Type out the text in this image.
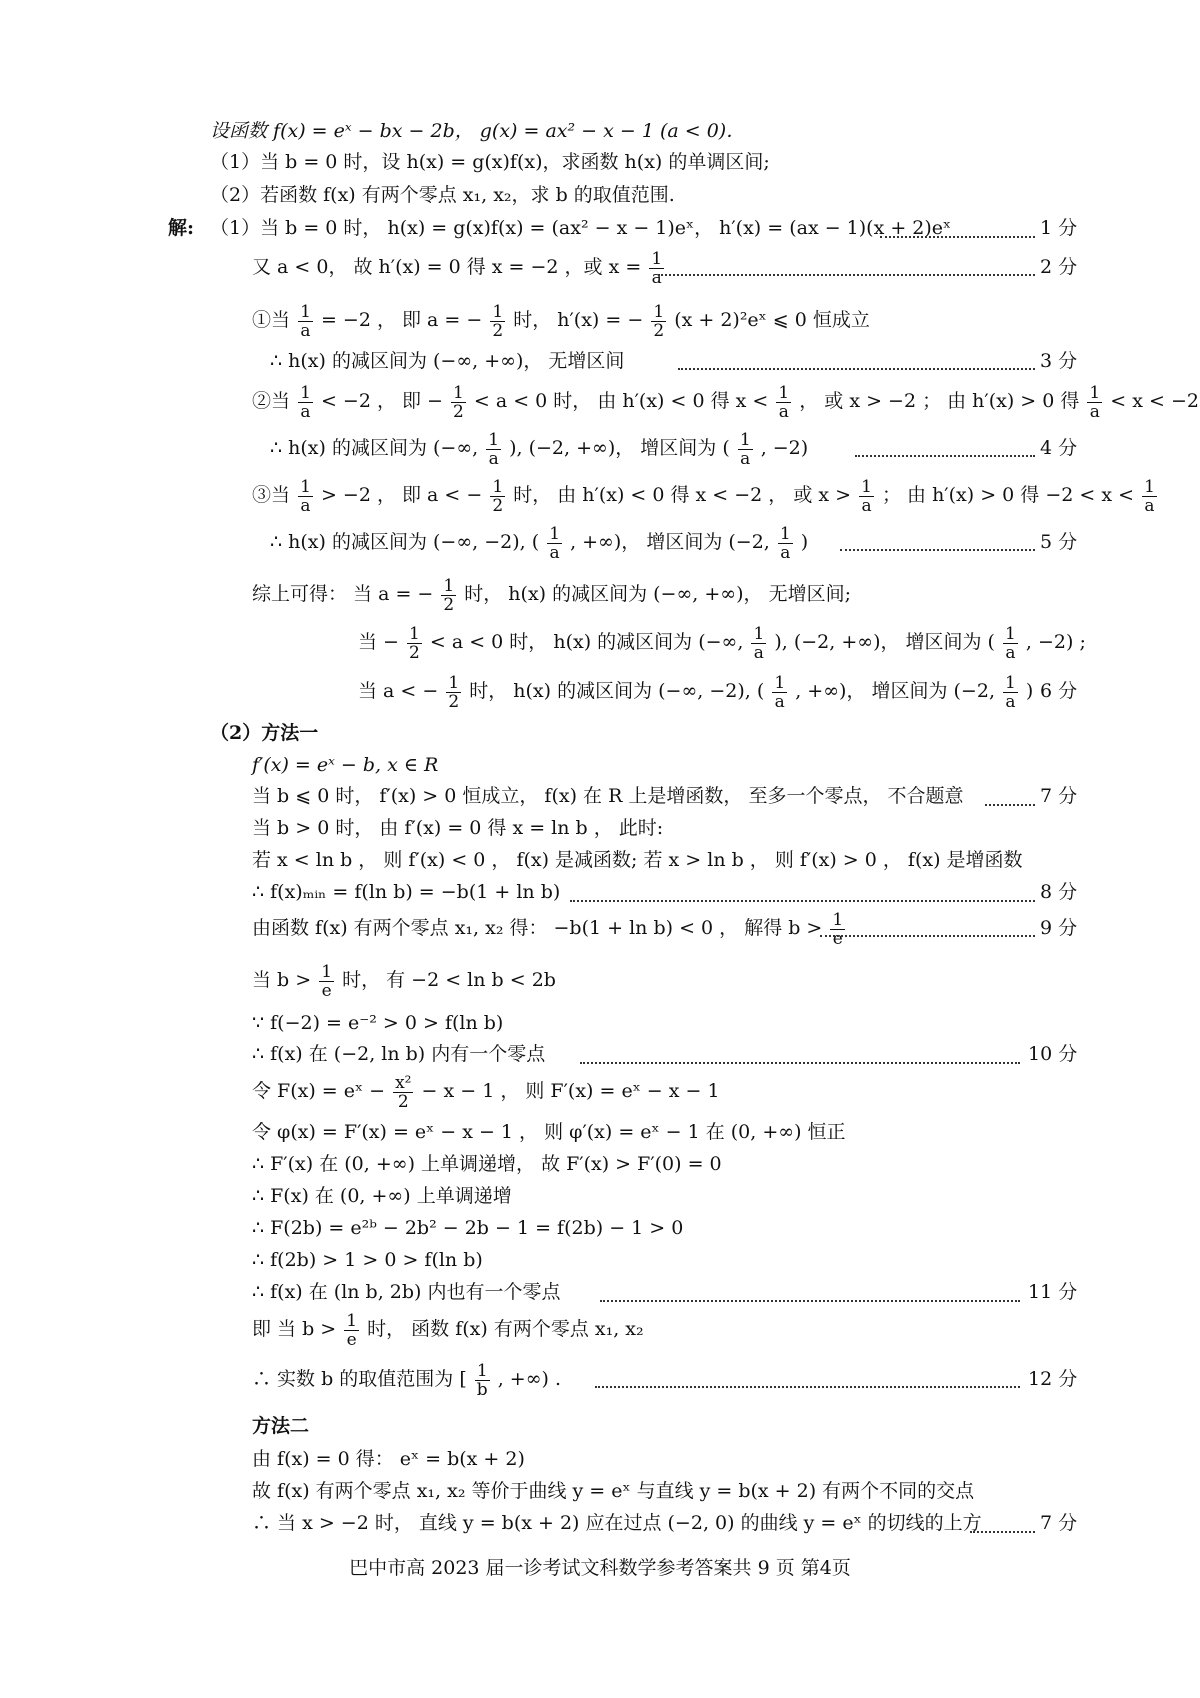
设函数 f(x) = eˣ − bx − 2b， g(x) = ax² − x − 1 (a < 0)．
（1）当 b = 0 时，设 h(x) = g(x)f(x)，求函数 h(x) 的单调区间;
（2）若函数 f(x) 有两个零点 x₁, x₂，求 b 的取值范围.
解: （1）当 b = 0 时， h(x) = g(x)f(x) = (ax² − x − 1)eˣ， h′(x) = (ax − 1)(x + 2)eˣ	1 分
又 a < 0， 故 h′(x) = 0 得 x = −2 ，或 $x = \frac{1}{a}$	2 分
①当 $\frac{1}{a} = -2$ ， 即 a = − $\frac{1}{2}$ 时， h′(x) = − $\frac{1}{2} (x$ + 2)²eˣ ⩽ 0 恒成立
∴ h(x) 的减区间为 (−∞, +∞)， 无增区间	3 分
②当 $\frac{1}{a} < -2$ ， 即 − $\frac{1}{2} < a < 0$ 时， 由 h′(x) < 0 得 $x < \frac{1}{a}$ ， 或 x > −2 ； 由 h′(x) > 0 得 $\frac{1}{a} < x < -2$
∴ h(x) 的减区间为 (−∞, $\frac{1}{a}$ ), (−2, +∞)， 增区间为 ( $\frac{1}{a}$ , −2)	4 分
③当 $\frac{1}{a} > -2$ ， 即 a < − $\frac{1}{2}$ 时， 由 h′(x) < 0 得 x < −2 ， 或 $x > \frac{1}{a}$ ； 由 h′(x) > 0 得 $-2 < x < \frac{1}{a}$
∴ h(x) 的减区间为 (−∞, −2), ( $\frac{1}{a}$ , +∞)， 增区间为 (−2, $\frac{1}{a}$ )	5 分
综上可得： 当 a = − $\frac{1}{2}$ 时， h(x) 的减区间为 (−∞, +∞)， 无增区间;
当 − $\frac{1}{2} < a < 0$ 时， h(x) 的减区间为 (−∞, $\frac{1}{a}$ ), (−2, +∞)， 增区间为 ( $\frac{1}{a}$ , −2) ;
当 a < − $\frac{1}{2}$ 时， h(x) 的减区间为 (−∞, −2), ( $\frac{1}{a}$ , +∞)， 增区间为 (−2, $\frac{1}{a}$ ) 6 分
（2）方法一
f′(x) = eˣ − b, x ∈ R
当 b ⩽ 0 时， f′(x) > 0 恒成立， f(x) 在 R 上是增函数， 至多一个零点， 不合题意	7 分
当 b > 0 时， 由 f′(x) = 0 得 x = ln b ， 此时:
若 x < ln b ， 则 f′(x) < 0 ， f(x) 是减函数; 若 x > ln b ， 则 f′(x) > 0 ， f(x) 是增函数
∴ f(x)ₘᵢₙ = f(ln b) = −b(1 + ln b)	8 分
由函数 f(x) 有两个零点 x₁, x₂ 得： −b(1 + ln b) < 0 ， 解得 $b > \frac{1}{e}$	9 分
当 $b > \frac{1}{e}$ 时， 有 −2 < ln b < 2b
∵ f(−2) = e⁻² > 0 > f(ln b)
∴ f(x) 在 (−2, ln b) 内有一个零点	10 分
令 F(x) = eˣ − $\frac{\text{x²}}{2} - x - 1$ ， 则 F′(x) = eˣ − x − 1
令 φ(x) = F′(x) = eˣ − x − 1 ， 则 φ′(x) = eˣ − 1 在 (0, +∞) 恒正
∴ F′(x) 在 (0, +∞) 上单调递增， 故 F′(x) > F′(0) = 0
∴ F(x) 在 (0, +∞) 上单调递增
∴ F(2b) = e²ᵇ − 2b² − 2b − 1 = f(2b) − 1 > 0
∴ f(2b) > 1 > 0 > f(ln b)
∴ f(x) 在 (ln b, 2b) 内也有一个零点	11 分
即 当 $b > \frac{1}{e}$ 时， 函数 f(x) 有两个零点 x₁, x₂
∴ 实数 b 的取值范围为 [ $\frac{1}{b}$ , +∞) .	12 分
方法二
由 f(x) = 0 得： eˣ = b(x + 2)
故 f(x) 有两个零点 x₁, x₂ 等价于曲线 y = eˣ 与直线 y = b(x + 2) 有两个不同的交点
∴ 当 x > −2 时， 直线 y = b(x + 2) 应在过点 (−2, 0) 的曲线 y = eˣ 的切线的上方	7 分
巴中市高 2023 届一诊考试文科数学参考答案共 9 页 第4页
